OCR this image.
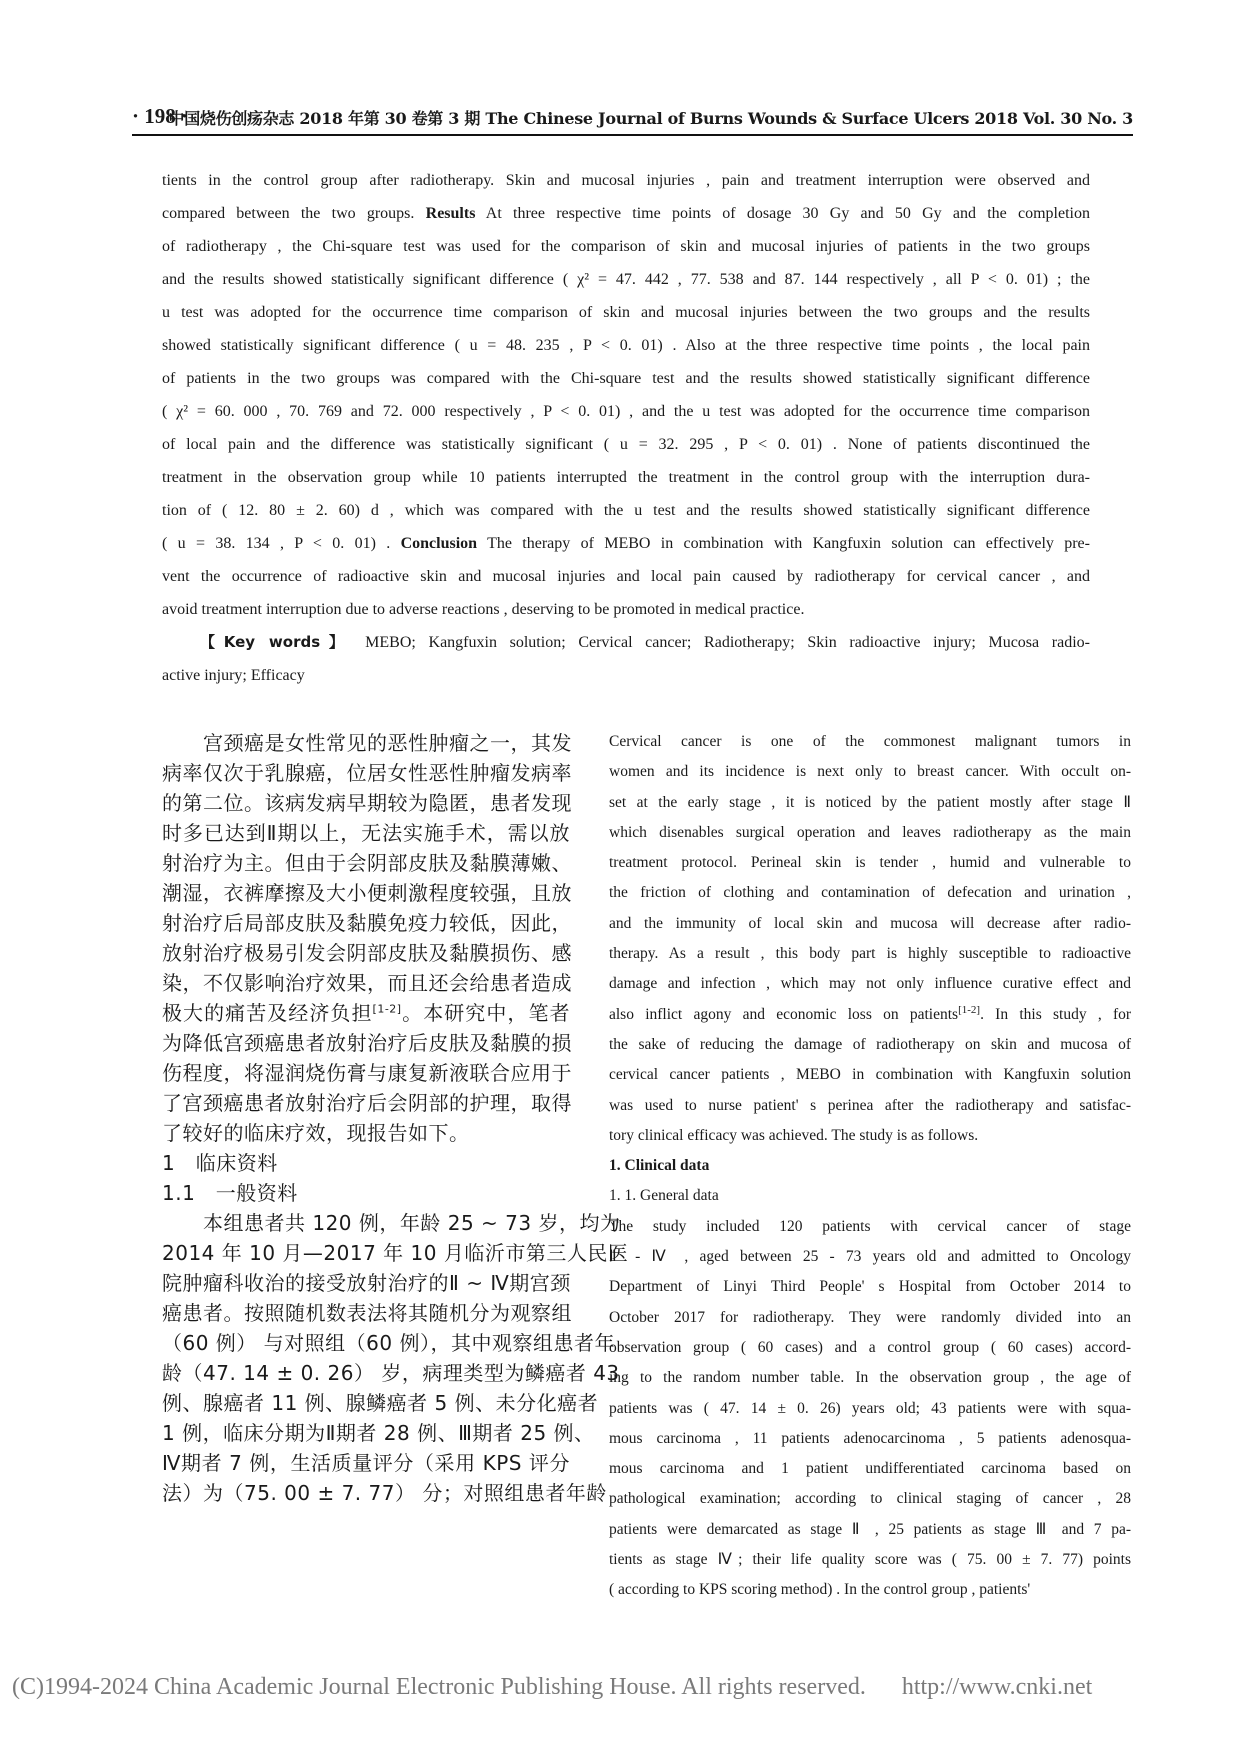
· 198 ·
中国烧伤创疡杂志 2018 年第 30 卷第 3 期 The Chinese Journal of Burns Wounds & Surface Ulcers 2018 Vol. 30 No. 3
tients in the control group after radiotherapy. Skin and mucosal injuries , pain and treatment interruption were observed and
compared between the two groups. Results At three respective time points of dosage 30 Gy and 50 Gy and the completion
of radiotherapy , the Chi-square test was used for the comparison of skin and mucosal injuries of patients in the two groups
and the results showed statistically significant difference ( χ² = 47. 442 , 77. 538 and 87. 144 respectively , all P < 0. 01) ; the
u test was adopted for the occurrence time comparison of skin and mucosal injuries between the two groups and the results
showed statistically significant difference ( u = 48. 235 , P < 0. 01) . Also at the three respective time points , the local pain
of patients in the two groups was compared with the Chi-square test and the results showed statistically significant difference
( χ² = 60. 000 , 70. 769 and 72. 000 respectively , P < 0. 01) , and the u test was adopted for the occurrence time comparison
of local pain and the difference was statistically significant ( u = 32. 295 , P < 0. 01) . None of patients discontinued the
treatment in the observation group while 10 patients interrupted the treatment in the control group with the interruption dura-
tion of ( 12. 80 ± 2. 60) d , which was compared with the u test and the results showed statistically significant difference
( u = 38. 134 , P < 0. 01) . Conclusion The therapy of MEBO in combination with Kangfuxin solution can effectively pre-
vent the occurrence of radioactive skin and mucosal injuries and local pain caused by radiotherapy for cervical cancer , and
avoid treatment interruption due to adverse reactions , deserving to be promoted in medical practice.
【Key words】 MEBO; Kangfuxin solution; Cervical cancer; Radiotherapy; Skin radioactive injury; Mucosa radio-
active injury; Efficacy
　　宫颈癌是女性常见的恶性肿瘤之一，其发
病率仅次于乳腺癌，位居女性恶性肿瘤发病率
的第二位。该病发病早期较为隐匿，患者发现
时多已达到Ⅱ期以上，无法实施手术，需以放
射治疗为主。但由于会阴部皮肤及黏膜薄嫩、
潮湿，衣裤摩擦及大小便刺激程度较强，且放
射治疗后局部皮肤及黏膜免疫力较低，因此，
放射治疗极易引发会阴部皮肤及黏膜损伤、感
染，不仅影响治疗效果，而且还会给患者造成
极大的痛苦及经济负担[1-2]。本研究中，笔者
为降低宫颈癌患者放射治疗后皮肤及黏膜的损
伤程度，将湿润烧伤膏与康复新液联合应用于
了宫颈癌患者放射治疗后会阴部的护理，取得
了较好的临床疗效，现报告如下。
1　临床资料
1.1　一般资料
　　本组患者共 120 例，年龄 25 ~ 73 岁，均为
2014 年 10 月—2017 年 10 月临沂市第三人民医
院肿瘤科收治的接受放射治疗的Ⅱ ~ Ⅳ期宫颈
癌患者。按照随机数表法将其随机分为观察组
（60 例） 与对照组（60 例），其中观察组患者年
龄（47. 14 ± 0. 26） 岁，病理类型为鳞癌者 43
例、腺癌者 11 例、腺鳞癌者 5 例、未分化癌者
1 例，临床分期为Ⅱ期者 28 例、Ⅲ期者 25 例、
Ⅳ期者 7 例，生活质量评分（采用 KPS 评分
法）为（75. 00 ± 7. 77） 分；对照组患者年龄
Cervical cancer is one of the commonest malignant tumors in
women and its incidence is next only to breast cancer. With occult on-
set at the early stage , it is noticed by the patient mostly after stage Ⅱ
which disenables surgical operation and leaves radiotherapy as the main
treatment protocol. Perineal skin is tender , humid and vulnerable to
the friction of clothing and contamination of defecation and urination ,
and the immunity of local skin and mucosa will decrease after radio-
therapy. As a result , this body part is highly susceptible to radioactive
damage and infection , which may not only influence curative effect and
also inflict agony and economic loss on patients[1-2]. In this study , for
the sake of reducing the damage of radiotherapy on skin and mucosa of
cervical cancer patients , MEBO in combination with Kangfuxin solution
was used to nurse patient' s perinea after the radiotherapy and satisfac-
tory clinical efficacy was achieved. The study is as follows.
1. Clinical data
1. 1. General data
The study included 120 patients with cervical cancer of stage
Ⅱ - Ⅳ , aged between 25 - 73 years old and admitted to Oncology
Department of Linyi Third People' s Hospital from October 2014 to
October 2017 for radiotherapy. They were randomly divided into an
observation group ( 60 cases) and a control group ( 60 cases) accord-
ing to the random number table. In the observation group , the age of
patients was ( 47. 14 ± 0. 26) years old; 43 patients were with squa-
mous carcinoma , 11 patients adenocarcinoma , 5 patients adenosqua-
mous carcinoma and 1 patient undifferentiated carcinoma based on
pathological examination; according to clinical staging of cancer , 28
patients were demarcated as stage Ⅱ , 25 patients as stage Ⅲ and 7 pa-
tients as stage Ⅳ; their life quality score was ( 75. 00 ± 7. 77) points
( according to KPS scoring method) . In the control group , patients'
(C)1994-2024 China Academic Journal Electronic Publishing House. All rights reserved. http://www.cnki.net
